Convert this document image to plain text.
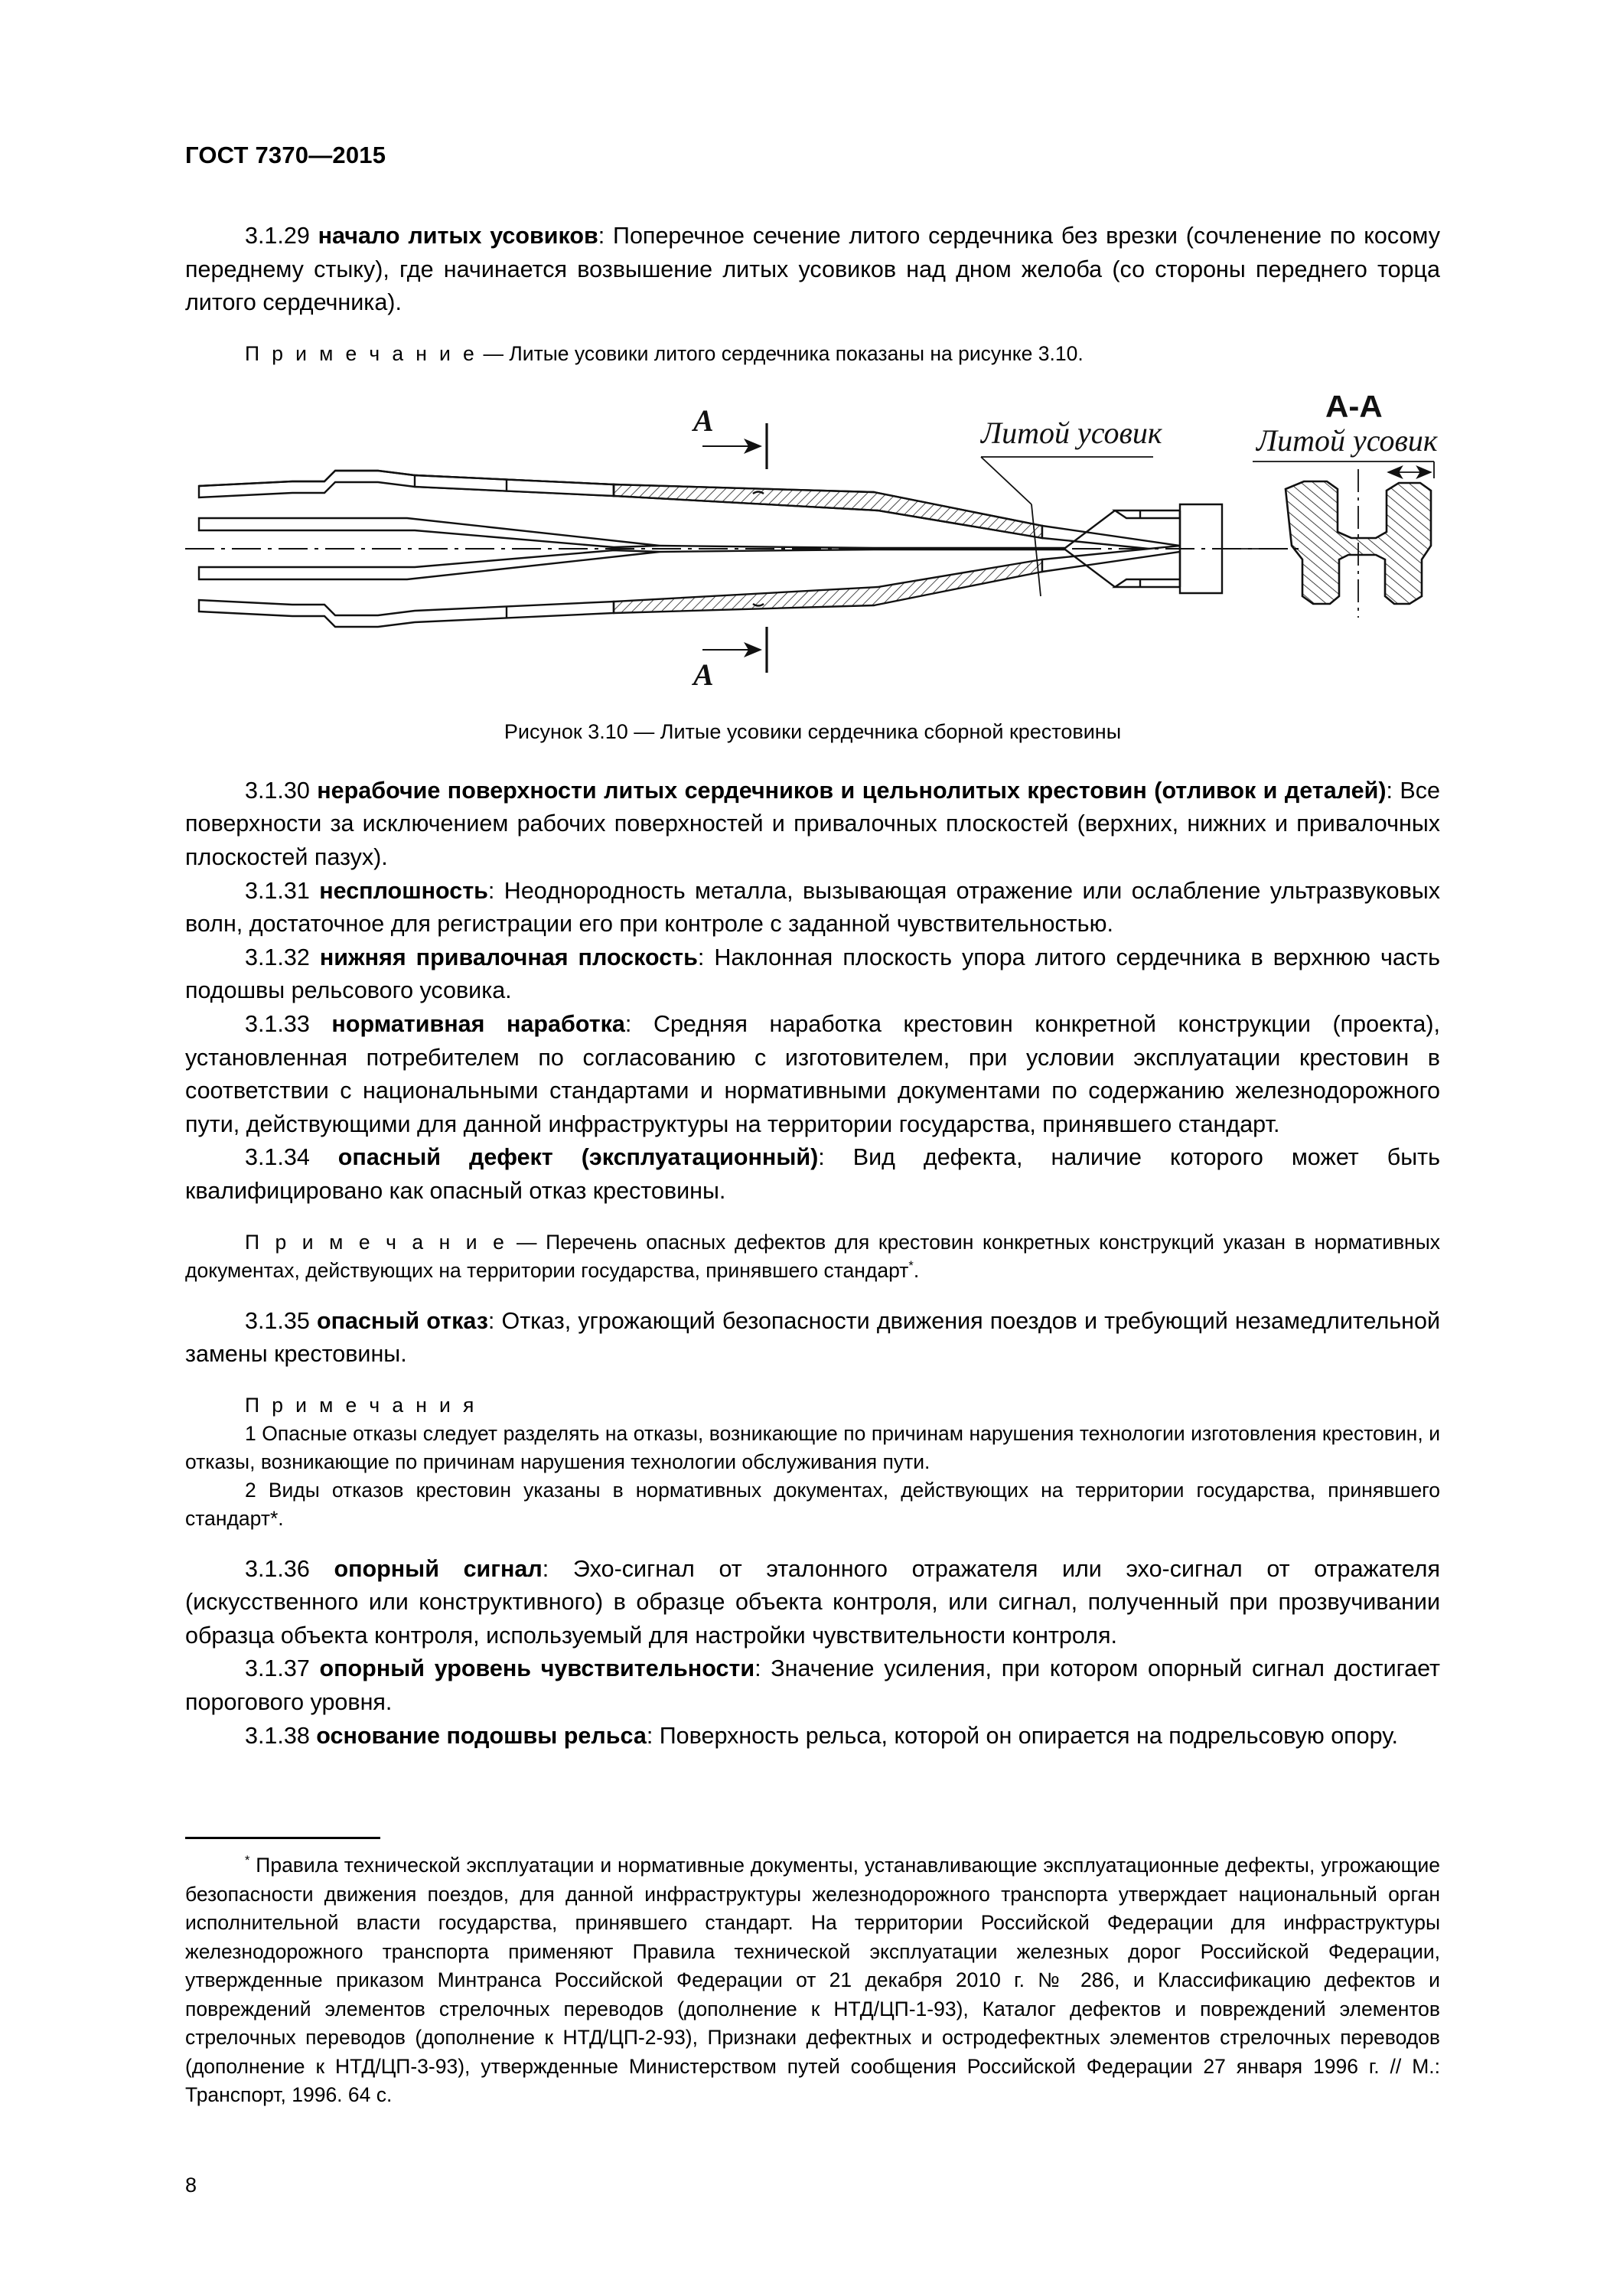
ГОСТ 7370—2015

3.1.29 начало литых усовиков: Поперечное сечение литого сердечника без врезки (сочленение по косому переднему стыку), где начинается возвышение литых усовиков над дном желоба (со стороны переднего торца литого сердечника).

П р и м е ч а н и е — Литые усовики литого сердечника показаны на рисунке 3.10.

A
A
Литой усовик	Литой усовик
A-A
Рисунок 3.10 — Литые усовики сердечника сборной крестовины

3.1.30 нерабочие поверхности литых сердечников и цельнолитых крестовин (отливок и деталей): Все поверхности за исключением рабочих поверхностей и привалочных плоскостей (верхних, нижних и привалочных плоскостей пазух).

3.1.31 несплошность: Неоднородность металла, вызывающая отражение или ослабление ультразвуковых волн, достаточное для регистрации его при контроле с заданной чувствительностью.

3.1.32 нижняя привалочная плоскость: Наклонная плоскость упора литого сердечника в верхнюю часть подошвы рельсового усовика.

3.1.33 нормативная наработка: Средняя наработка крестовин конкретной конструкции (проекта), установленная потребителем по согласованию с изготовителем, при условии эксплуатации крестовин в соответствии с национальными стандартами и нормативными документами по содержанию железнодорожного пути, действующими для данной инфраструктуры на территории государства, принявшего стандарт.

3.1.34 опасный дефект (эксплуатационный): Вид дефекта, наличие которого может быть квалифицировано как опасный отказ крестовины.

П р и м е ч а н и е — Перечень опасных дефектов для крестовин конкретных конструкций указан в нормативных документах, действующих на территории государства, принявшего стандарт*.

3.1.35 опасный отказ: Отказ, угрожающий безопасности движения поездов и требующий незамедлительной замены крестовины.

П р и м е ч а н и я

1 Опасные отказы следует разделять на отказы, возникающие по причинам нарушения технологии изготовления крестовин, и отказы, возникающие по причинам нарушения технологии обслуживания пути.

2 Виды отказов крестовин указаны в нормативных документах, действующих на территории государства, принявшего стандарт*.

3.1.36 опорный сигнал: Эхо-сигнал от эталонного отражателя или эхо-сигнал от отражателя (искусственного или конструктивного) в образце объекта контроля, или сигнал, полученный при прозвучивании образца объекта контроля, используемый для настройки чувствительности контроля.

3.1.37 опорный уровень чувствительности: Значение усиления, при котором опорный сигнал достигает порогового уровня.

3.1.38 основание подошвы рельса: Поверхность рельса, которой он опирается на подрельсовую опору.

* Правила технической эксплуатации и нормативные документы, устанавливающие эксплуатационные дефекты, угрожающие безопасности движения поездов, для данной инфраструктуры железнодорожного транспорта утверждает национальный орган исполнительной власти государства, принявшего стандарт. На территории Российской Федерации для инфраструктуры железнодорожного транспорта применяют Правила технической эксплуатации железных дорог Российской Федерации, утвержденные приказом Минтранса Российской Федерации от 21 декабря 2010 г. № 286, и Классификацию дефектов и повреждений элементов стрелочных переводов (дополнение к НТД/ЦП-1-93), Каталог дефектов и повреждений элементов стрелочных переводов (дополнение к НТД/ЦП-2-93), Признаки дефектных и остродефектных элементов стрелочных переводов (дополнение к НТД/ЦП-3-93), утвержденные Министерством путей сообщения Российской Федерации 27 января 1996 г. // М.: Транспорт, 1996. 64 с.

8
